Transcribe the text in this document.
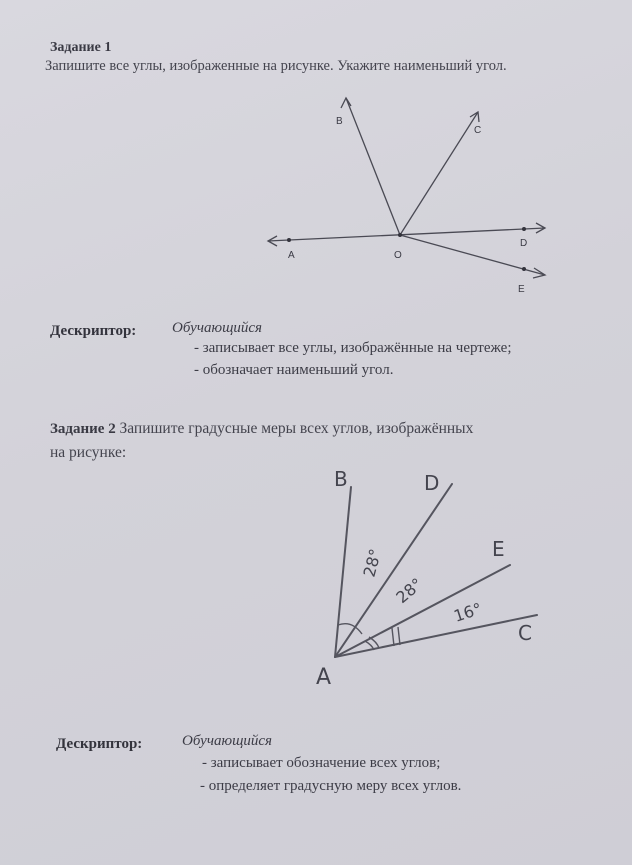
Задание 1
Запишите все углы, изображенные на рисунке. Укажите наименьший угол.
B
C
A	O
D
E
Дескриптор: Обучающийся
- записывает все углы, изображённые на чертеже;
- обозначает наименьший угол.
Задание 2 Запишите градусные меры всех углов, изображённых
на рисунке:
B	D
E
C
A
28°
28°
16°
Дескриптор:	Обучающийся
- записывает обозначение всех углов;
- определяет градусную меру всех углов.
